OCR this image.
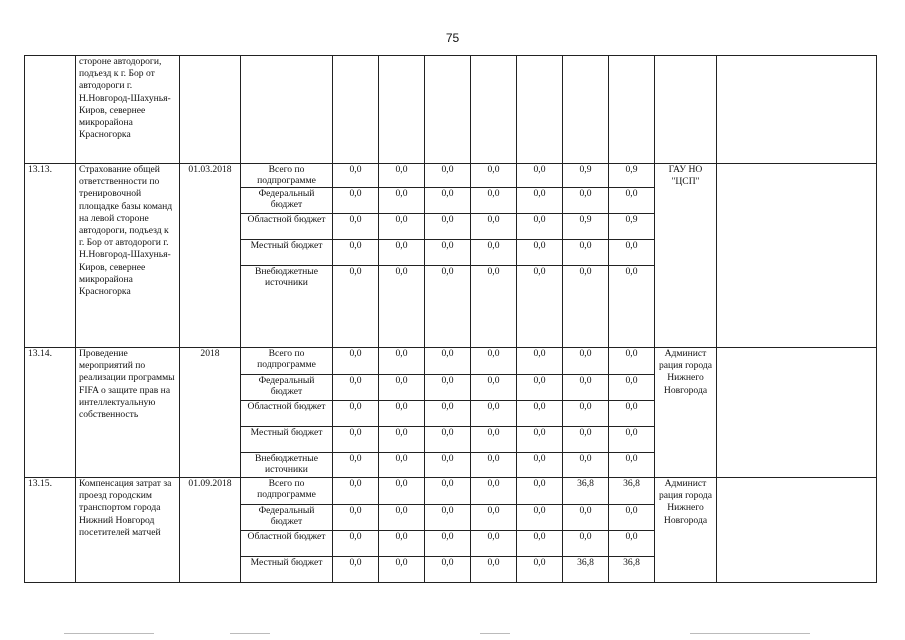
75
	стороне автодороги, подъезд к г. Бор от автодороги г. Н.Новгород-Шахунья-Киров, севернее микрорайона Красногорка											
13.13.	Страхование общей ответственности по тренировочной площадке базы команд на левой стороне автодороги, подъезд к г. Бор от автодороги г. Н.Новгород-Шахунья-Киров, севернее микрорайона Красногорка	01.03.2018	Всего по подпрограмме	0,0	0,0	0,0	0,0	0,0	0,9	0,9	ГАУ НО "ЦСП"	
			Федеральный бюджет	0,0	0,0	0,0	0,0	0,0	0,0	0,0		
			Областной бюджет	0,0	0,0	0,0	0,0	0,0	0,9	0,9		
			Местный бюджет	0,0	0,0	0,0	0,0	0,0	0,0	0,0		
			Внебюджетные источники	0,0	0,0	0,0	0,0	0,0	0,0	0,0		
13.14.	Проведение мероприятий по реализации программы FIFA о защите прав на интеллектуальную собственность	2018	Всего по подпрограмме	0,0	0,0	0,0	0,0	0,0	0,0	0,0	Админист рация города Нижнего Новгорода	
			Федеральный бюджет	0,0	0,0	0,0	0,0	0,0	0,0	0,0		
			Областной бюджет	0,0	0,0	0,0	0,0	0,0	0,0	0,0		
			Местный бюджет	0,0	0,0	0,0	0,0	0,0	0,0	0,0		
			Внебюджетные источники	0,0	0,0	0,0	0,0	0,0	0,0	0,0		
13.15.	Компенсация затрат за проезд городским транспортом города Нижний Новгород посетителей матчей	01.09.2018	Всего по подпрограмме	0,0	0,0	0,0	0,0	0,0	36,8	36,8	Админист рация города Нижнего Новгорода	
			Федеральный бюджет	0,0	0,0	0,0	0,0	0,0	0,0	0,0		
			Областной бюджет	0,0	0,0	0,0	0,0	0,0	0,0	0,0		
			Местный бюджет	0,0	0,0	0,0	0,0	0,0	36,8	36,8		
